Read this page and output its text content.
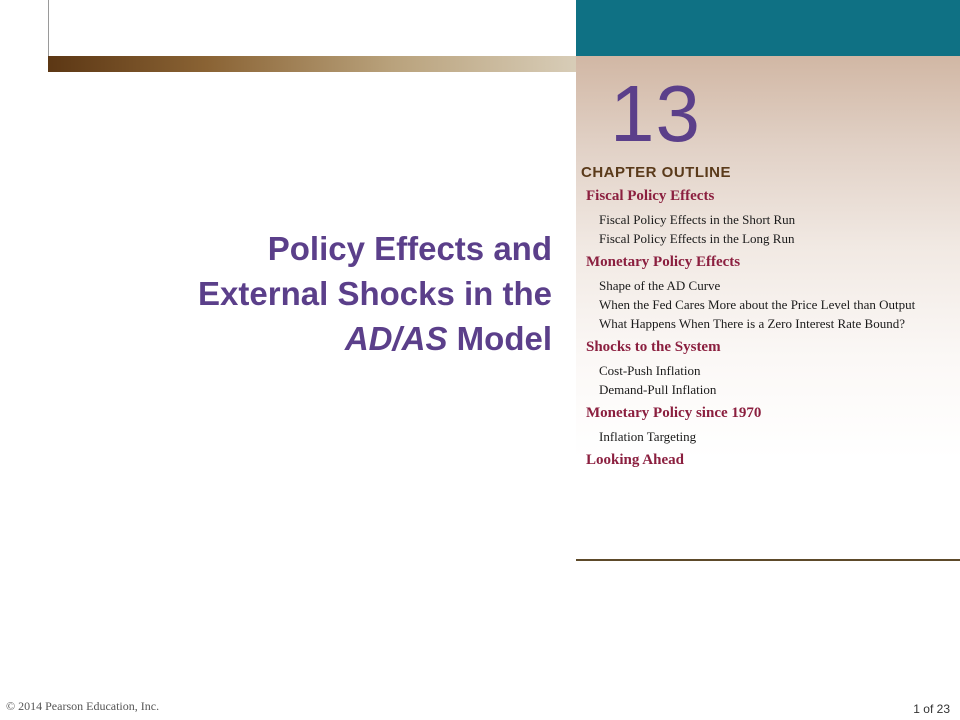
13
CHAPTER OUTLINE
Fiscal Policy Effects
Fiscal Policy Effects in the Short Run
Fiscal Policy Effects in the Long Run
Monetary Policy Effects
Shape of the AD Curve
When the Fed Cares More about the Price Level than Output
What Happens When There is a Zero Interest Rate Bound?
Shocks to the System
Cost-Push Inflation
Demand-Pull Inflation
Monetary Policy since 1970
Inflation Targeting
Looking Ahead
Policy Effects and
External Shocks in the
AD/AS Model
© 2014 Pearson Education, Inc.	1 of 23
